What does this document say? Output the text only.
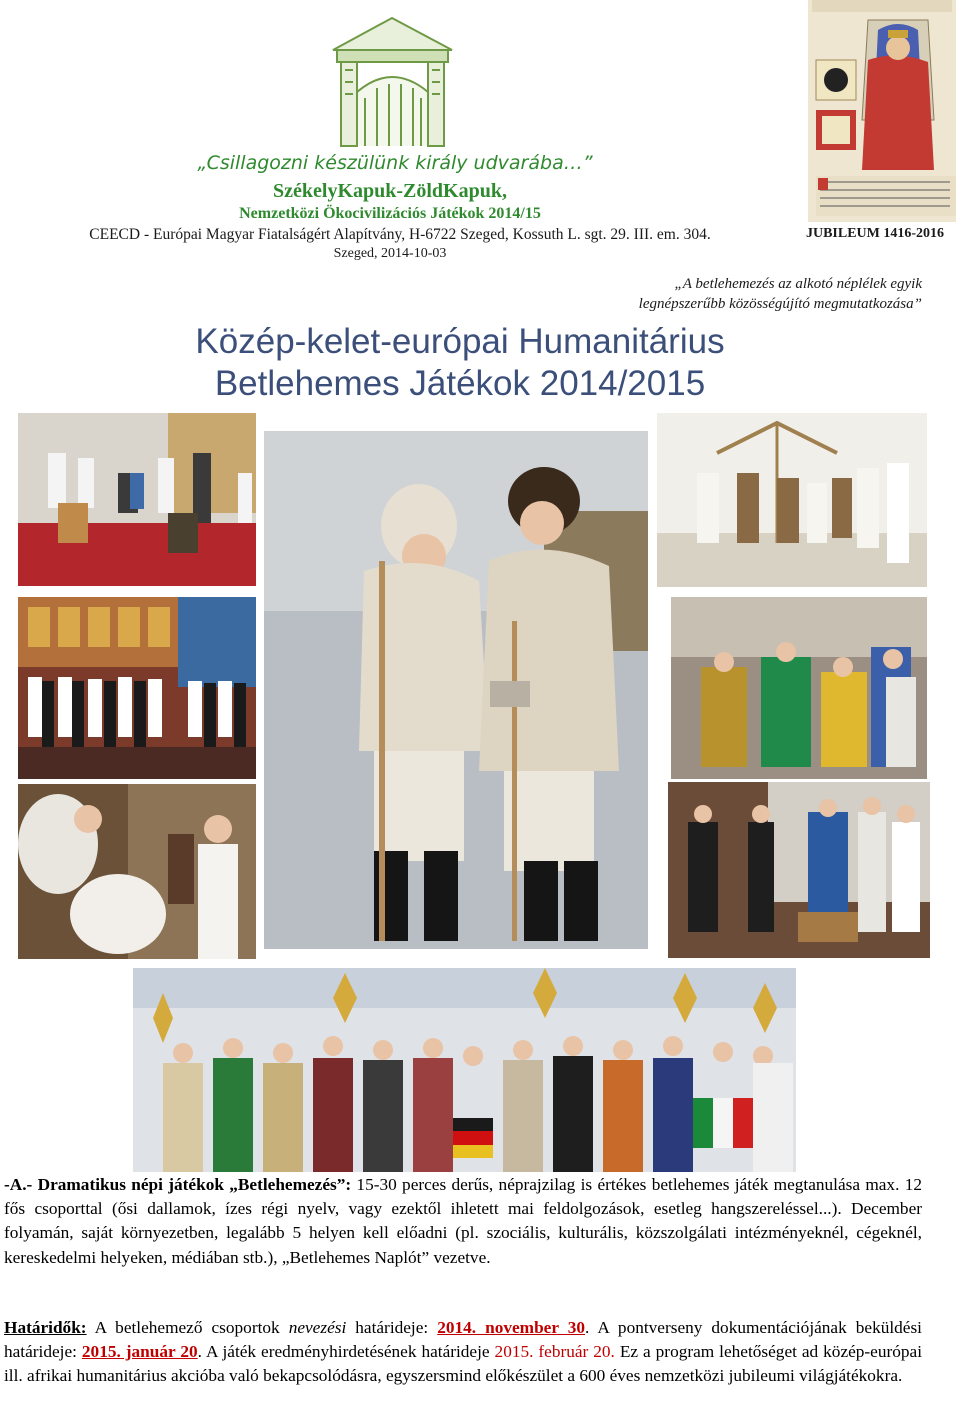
„Csillagozni készülünk király udvarába…”
SzékelyKapuk-ZöldKapuk,
Nemzetközi Ökocivilizációs Játékok 2014/15
CEECD - Európai Magyar Fiatalságért Alapítvány, H-6722 Szeged, Kossuth L. sgt. 29. III. em. 304.
Szeged, 2014-10-03
JUBILEUM 1416-2016
„A betlehemezés az alkotó néplélek egyik
legnépszerűbb közösségújító megmutatkozása”
Közép-kelet-európai Humanitárius
Betlehemes Játékok 2014/2015
-A.- Dramatikus népi játékok „Betlehemezés”: 15-30 perces derűs, néprajzilag is értékes betlehemes játék megtanulása max. 12 fős csoporttal (ősi dallamok, ízes régi nyelv, vagy ezektől ihletett mai feldolgozások, esetleg hangszereléssel...). December folyamán, saját környezetben, legalább 5 helyen kell előadni (pl. szociális, kulturális, közszolgálati intézményeknél, cégeknél, kereskedelmi helyeken, médiában stb.), „Betlehemes Naplót” vezetve.
Határidők: A betlehemező csoportok nevezési határideje: 2014. november 30. A pontverseny dokumentációjának beküldési határideje: 2015. január 20. A játék eredményhirdetésének határideje 2015. február 20. Ez a program lehetőséget ad közép-európai ill. afrikai humanitárius akcióba való bekapcsolódásra, egyszersmind előkészület a 600 éves nemzetközi jubileumi világjátékokra.
